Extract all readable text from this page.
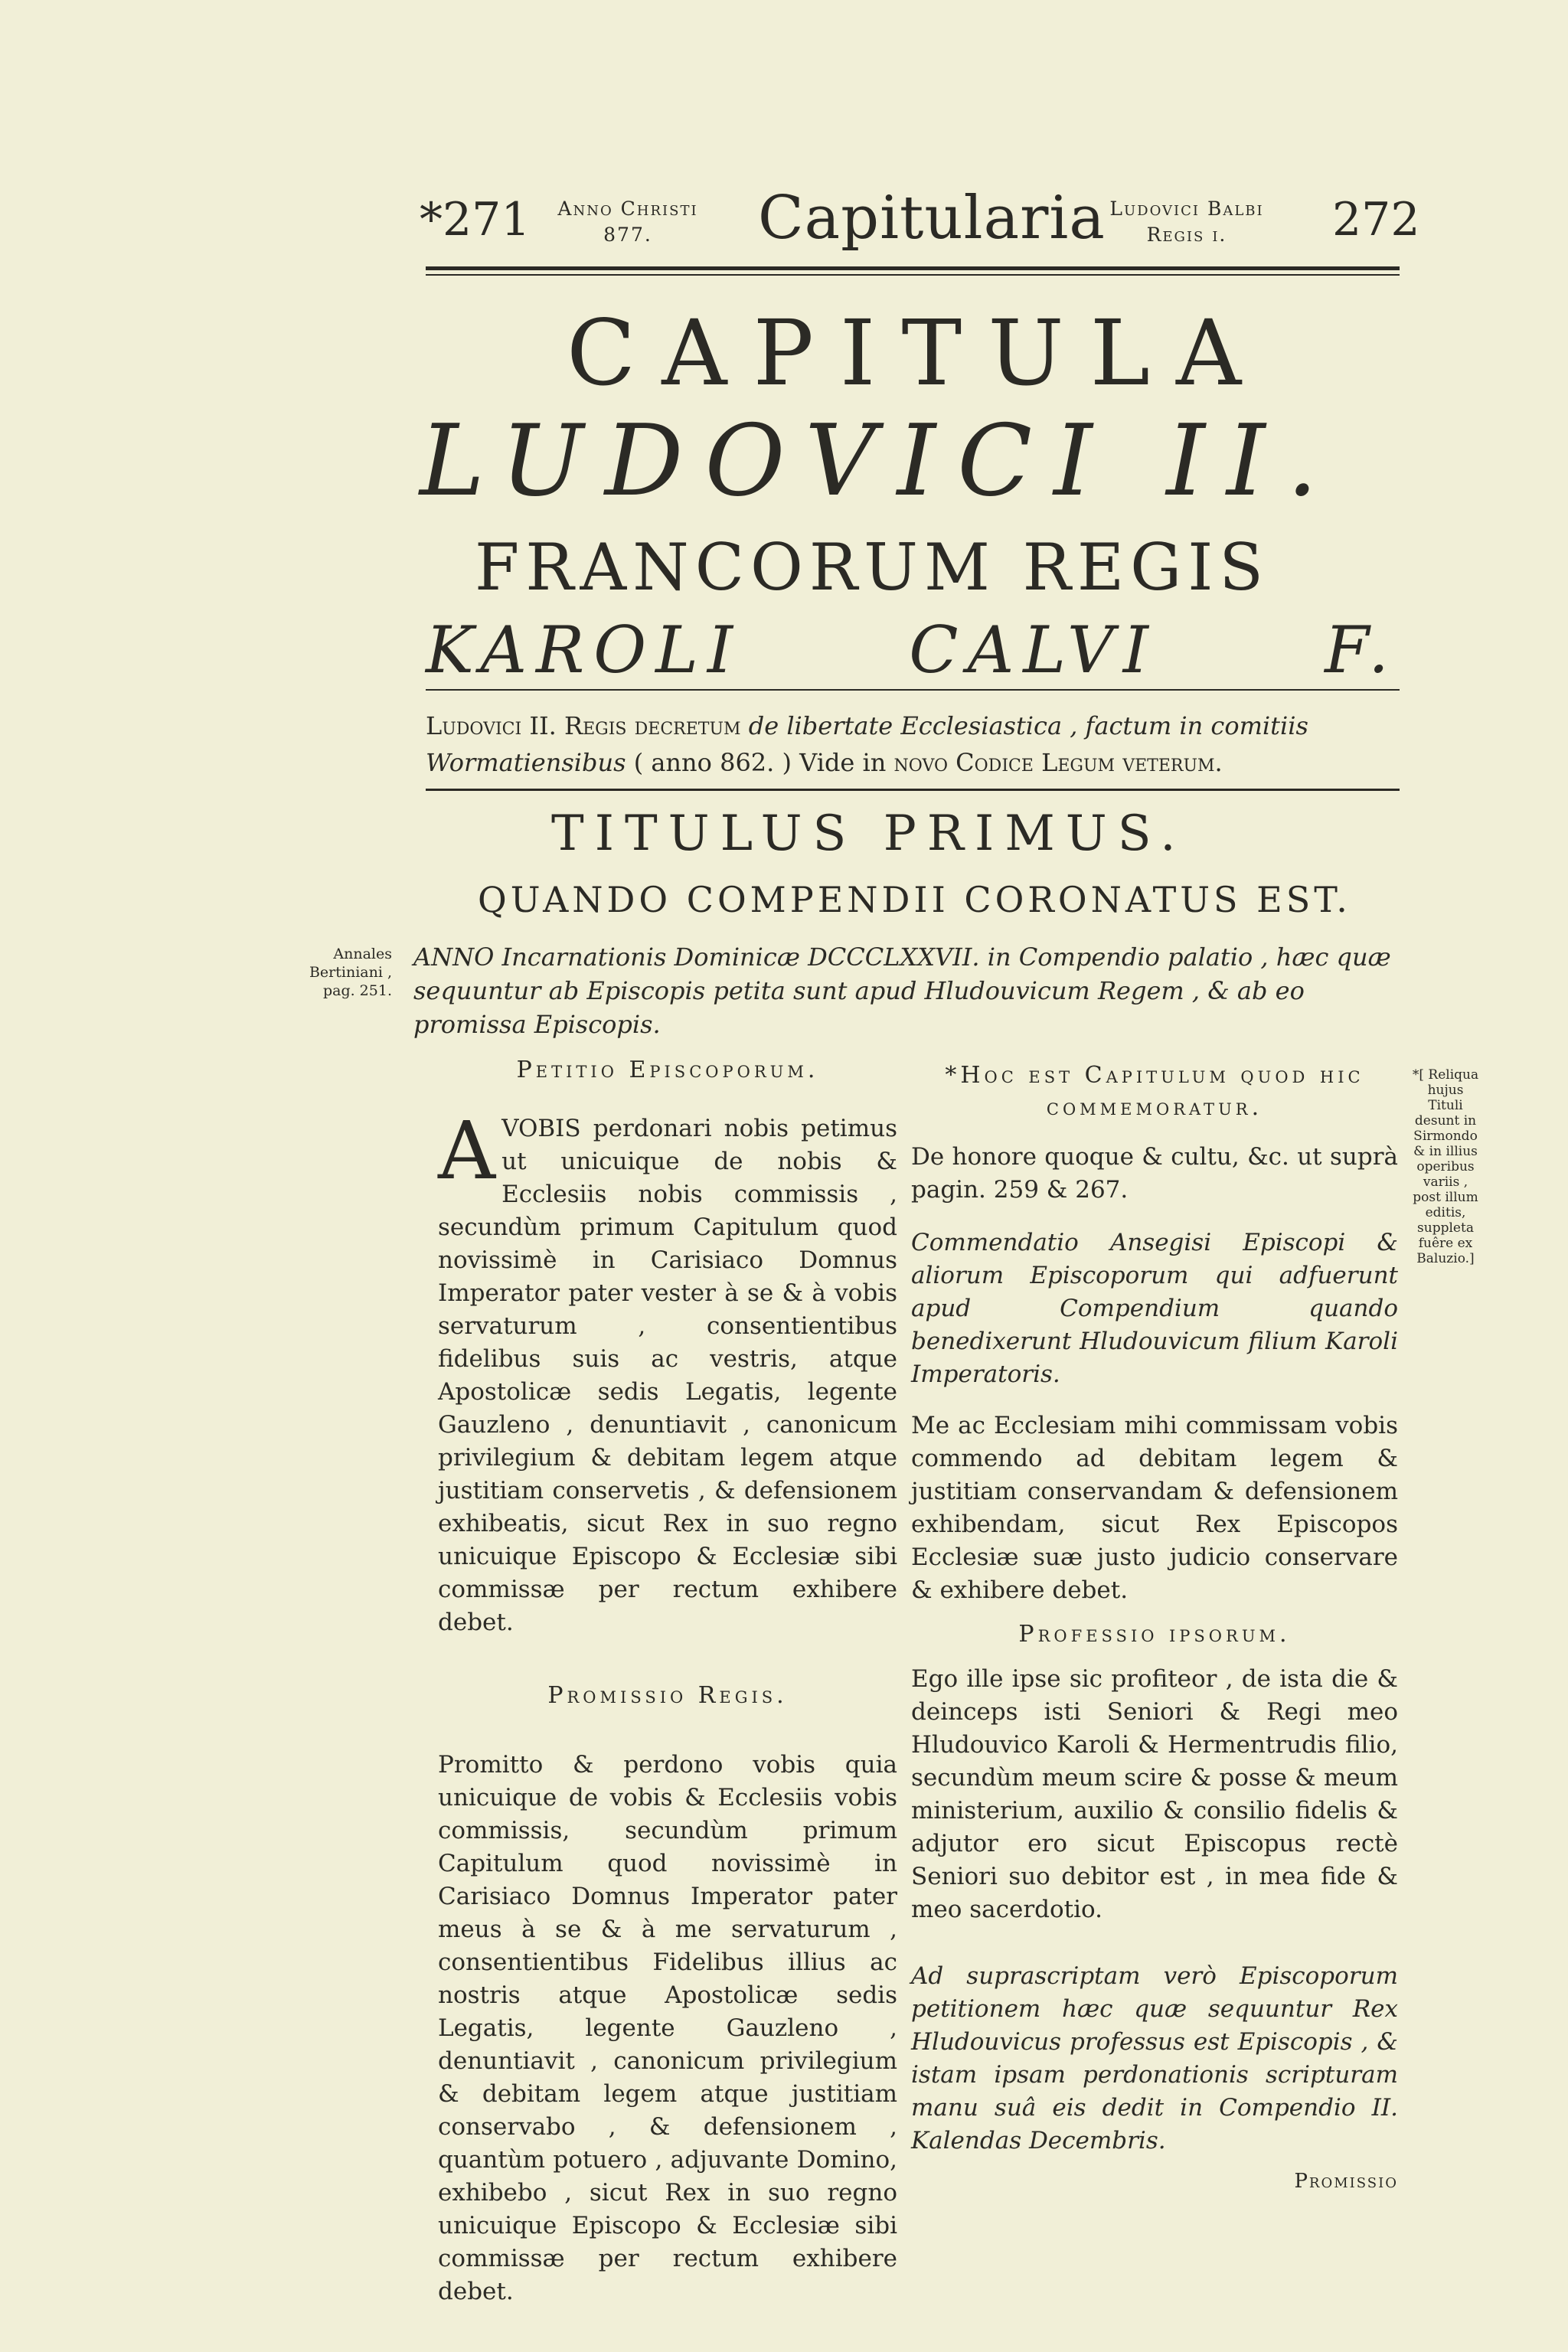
*271	Anno Christi
877.	Capitularia Ludovici Balbi
Regis i.	272
CAPITULA
LUDOVICI II.
FRANCORUM REGIS
KAROLI	CALVI	F.
Ludovici II. Regis decretum de libertate Ecclesiastica , factum in comitiis Wormatiensibus ( anno 862. ) Vide in novo Codice Legum veterum.
TITULUS PRIMUS.
QUANDO COMPENDII CORONATUS EST.
Annales
Bertiniani ,
pag. 251.
ANNO Incarnationis Dominicæ DCCCLXXVII. in Compendio palatio , hæc quæ sequuntur ab Episcopis petita sunt apud Hludouvicum Regem , & ab eo promissa Episcopis.
Petitio Episcoporum.
AVOBIS perdonari nobis petimus ut unicuique de nobis & Ecclesiis nobis commissis , secundùm primum Capitulum quod novissimè in Carisiaco Domnus Imperator pater vester à se & à vobis servaturum , consentientibus fidelibus suis ac vestris, atque Apostolicæ sedis Legatis, legente Gauzleno , denuntiavit , canonicum privilegium & debitam legem atque justitiam conservetis , & defensionem exhibeatis, sicut Rex in suo regno unicuique Episcopo & Ecclesiæ sibi commissæ per rectum exhibere debet.
Promissio Regis.
Promitto & perdono vobis quia unicuique de vobis & Ecclesiis vobis commissis, secundùm primum Capitulum quod novissimè in Carisiaco Domnus Imperator pater meus à se & à me servaturum , consentientibus Fidelibus illius ac nostris atque Apostolicæ sedis Legatis, legente Gauzleno , denuntiavit , canonicum privilegium & debitam legem atque justitiam conservabo , & defensionem , quantùm potuero , adjuvante Domino, exhibebo , sicut Rex in suo regno unicuique Episcopo & Ecclesiæ sibi commissæ per rectum exhibere debet.
*Hoc est Capitulum quod hic commemoratur.

De honore quoque & cultu, &c. ut suprà pagin. 259 & 267.

Commendatio Ansegisi Episcopi & aliorum Episcoporum qui adfuerunt apud Compendium quando benedixerunt Hludouvicum filium Karoli Imperatoris.

Me ac Ecclesiam mihi commissam vobis commendo ad debitam legem & justitiam conservandam & defensionem exhibendam, sicut Rex Episcopos Ecclesiæ suæ justo judicio conservare & exhibere debet.

Professio ipsorum.

Ego ille ipse sic profiteor , de ista die & deinceps isti Seniori & Regi meo Hludouvico Karoli & Hermentrudis filio, secundùm meum scire & posse & meum ministerium, auxilio & consilio fidelis & adjutor ero sicut Episcopus rectè Seniori suo debitor est , in mea fide & meo sacerdotio.

Ad suprascriptam verò Episcoporum petitionem hæc quæ sequuntur Rex Hludouvicus professus est Episcopis , & istam ipsam perdonationis scripturam manu suâ eis dedit in Compendio II. Kalendas Decembris.

Promissio
*[ Reliqua hujus Tituli desunt in Sirmondo & in illius operibus variis , post illum editis, suppleta fuêre ex Baluzio.]
